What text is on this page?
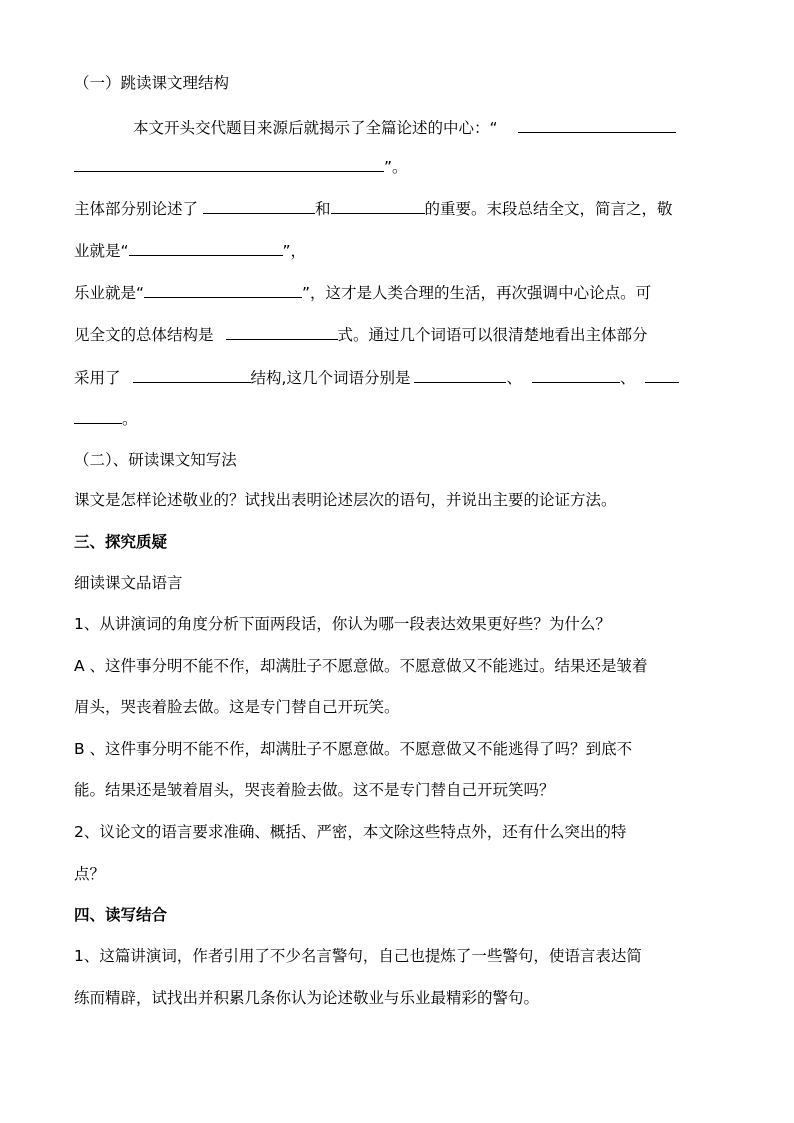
（一）跳读课文理结构
本文开头交代题目来源后就揭示了全篇论述的中心：“
”。
主体部分别论述了	和	的重要。末段总结全文，简言之，敬
业就是“	”，
乐业就是“	”，这才是人类合理的生活，再次强调中心论点。可
见全文的总体结构是	式。通过几个词语可以很清楚地看出主体部分
采用了	结构,这几个词语分别是	、	、
。
（二）、研读课文知写法
课文是怎样论述敬业的？试找出表明论述层次的语句，并说出主要的论证方法。
三、探究质疑
细读课文品语言
1、从讲演词的角度分析下面两段话，你认为哪一段表达效果更好些？为什么？
A 、这件事分明不能不作，却满肚子不愿意做。不愿意做又不能逃过。结果还是皱着
眉头，哭丧着脸去做。这是专门替自己开玩笑。
B 、这件事分明不能不作，却满肚子不愿意做。不愿意做又不能逃得了吗？到底不
能。结果还是皱着眉头，哭丧着脸去做。这不是专门替自己开玩笑吗？
2、议论文的语言要求准确、概括、严密，本文除这些特点外，还有什么突出的特
点？
四、读写结合
1、这篇讲演词，作者引用了不少名言警句，自己也提炼了一些警句，使语言表达简
练而精辟，试找出并积累几条你认为论述敬业与乐业最精彩的警句。
